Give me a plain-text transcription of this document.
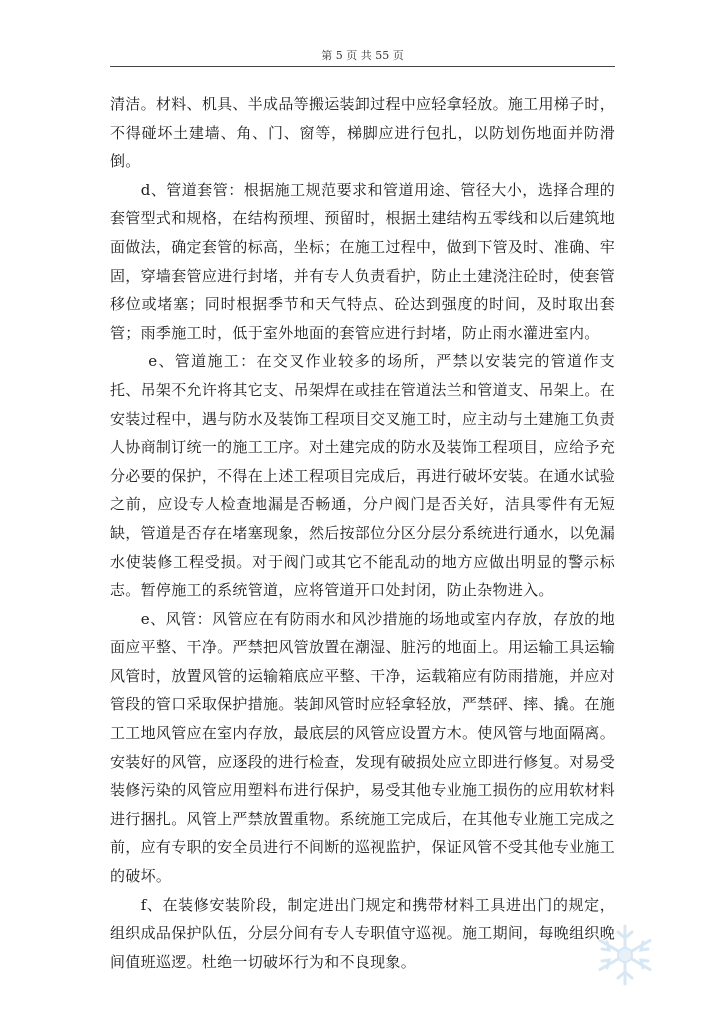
第 5 页 共 55 页

清洁。材料、机具、半成品等搬运装卸过程中应轻拿轻放。施工用梯子时，不得碰坏土建墙、角、门、窗等，梯脚应进行包扎，以防划伤地面并防滑倒。

d、管道套管：根据施工规范要求和管道用途、管径大小，选择合理的套管型式和规格，在结构预埋、预留时，根据土建结构五零线和以后建筑地面做法，确定套管的标高，坐标；在施工过程中，做到下管及时、准确、牢固，穿墙套管应进行封堵，并有专人负责看护，防止土建浇注砼时，使套管移位或堵塞；同时根据季节和天气特点、砼达到强度的时间，及时取出套管；雨季施工时，低于室外地面的套管应进行封堵，防止雨水灌进室内。

e、管道施工：在交叉作业较多的场所，严禁以安装完的管道作支托、吊架不允许将其它支、吊架焊在或挂在管道法兰和管道支、吊架上。在安装过程中，遇与防水及装饰工程项目交叉施工时，应主动与土建施工负责人协商制订统一的施工工序。对土建完成的防水及装饰工程项目，应给予充分必要的保护，不得在上述工程项目完成后，再进行破坏安装。在通水试验之前，应设专人检查地漏是否畅通，分户阀门是否关好，洁具零件有无短缺，管道是否存在堵塞现象，然后按部位分区分层分系统进行通水，以免漏水使装修工程受损。对于阀门或其它不能乱动的地方应做出明显的警示标志。暂停施工的系统管道，应将管道开口处封闭，防止杂物进入。

e、风管：风管应在有防雨水和风沙措施的场地或室内存放，存放的地面应平整、干净。严禁把风管放置在潮湿、脏污的地面上。用运输工具运输风管时，放置风管的运输箱底应平整、干净，运载箱应有防雨措施，并应对管段的管口采取保护措施。装卸风管时应轻拿轻放，严禁砰、摔、撬。在施工工地风管应在室内存放，最底层的风管应设置方木。使风管与地面隔离。安装好的风管，应逐段的进行检查，发现有破损处应立即进行修复。对易受装修污染的风管应用塑料布进行保护，易受其他专业施工损伤的应用软材料进行捆扎。风管上严禁放置重物。系统施工完成后，在其他专业施工完成之前，应有专职的安全员进行不间断的巡视监护，保证风管不受其他专业施工的破坏。

f、在装修安装阶段，制定进出门规定和携带材料工具进出门的规定，组织成品保护队伍，分层分间有专人专职值守巡视。施工期间，每晚组织晚间值班巡逻。杜绝一切破坏行为和不良现象。
